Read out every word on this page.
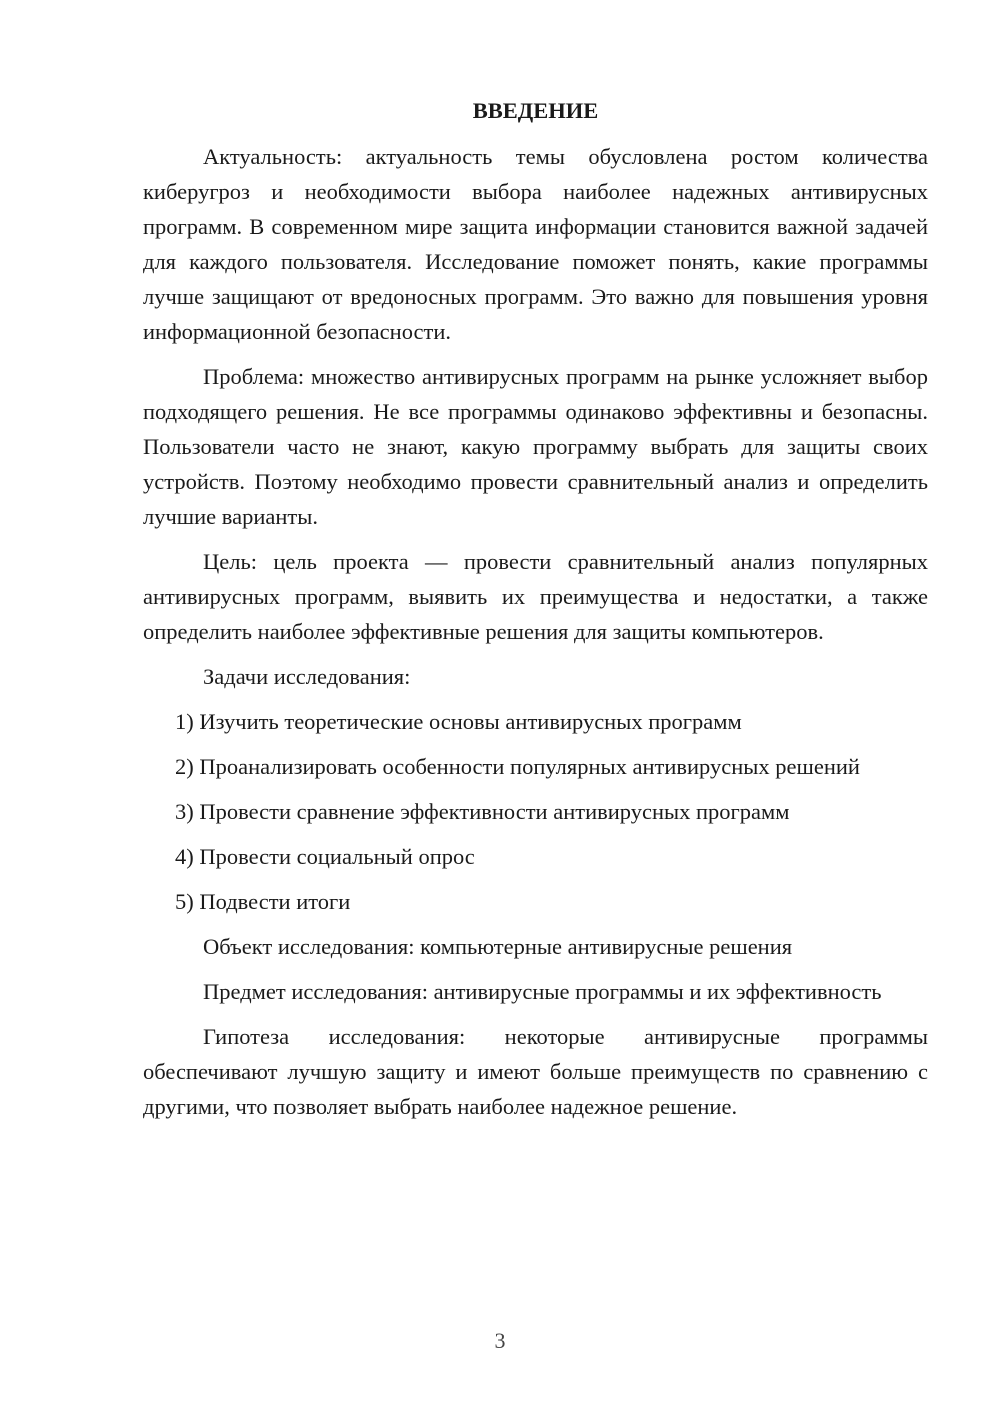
ВВЕДЕНИЕ

Актуальность: актуальность темы обусловлена ростом количества киберугроз и необходимости выбора наиболее надежных антивирусных программ. В современном мире защита информации становится важной задачей для каждого пользователя. Исследование поможет понять, какие программы лучше защищают от вредоносных программ. Это важно для повышения уровня информационной безопасности.

Проблема: множество антивирусных программ на рынке усложняет выбор подходящего решения. Не все программы одинаково эффективны и безопасны. Пользователи часто не знают, какую программу выбрать для защиты своих устройств. Поэтому необходимо провести сравнительный анализ и определить лучшие варианты.

Цель: цель проекта — провести сравнительный анализ популярных антивирусных программ, выявить их преимущества и недостатки, а также определить наиболее эффективные решения для защиты компьютеров.

Задачи исследования:

1) Изучить теоретические основы антивирусных программ

2) Проанализировать особенности популярных антивирусных решений

3) Провести сравнение эффективности антивирусных программ

4) Провести социальный опрос

5) Подвести итоги

Объект исследования: компьютерные антивирусные решения

Предмет исследования: антивирусные программы и их эффективность

Гипотеза исследования: некоторые антивирусные программы обеспечивают лучшую защиту и имеют больше преимуществ по сравнению с другими, что позволяет выбрать наиболее надежное решение.

3
